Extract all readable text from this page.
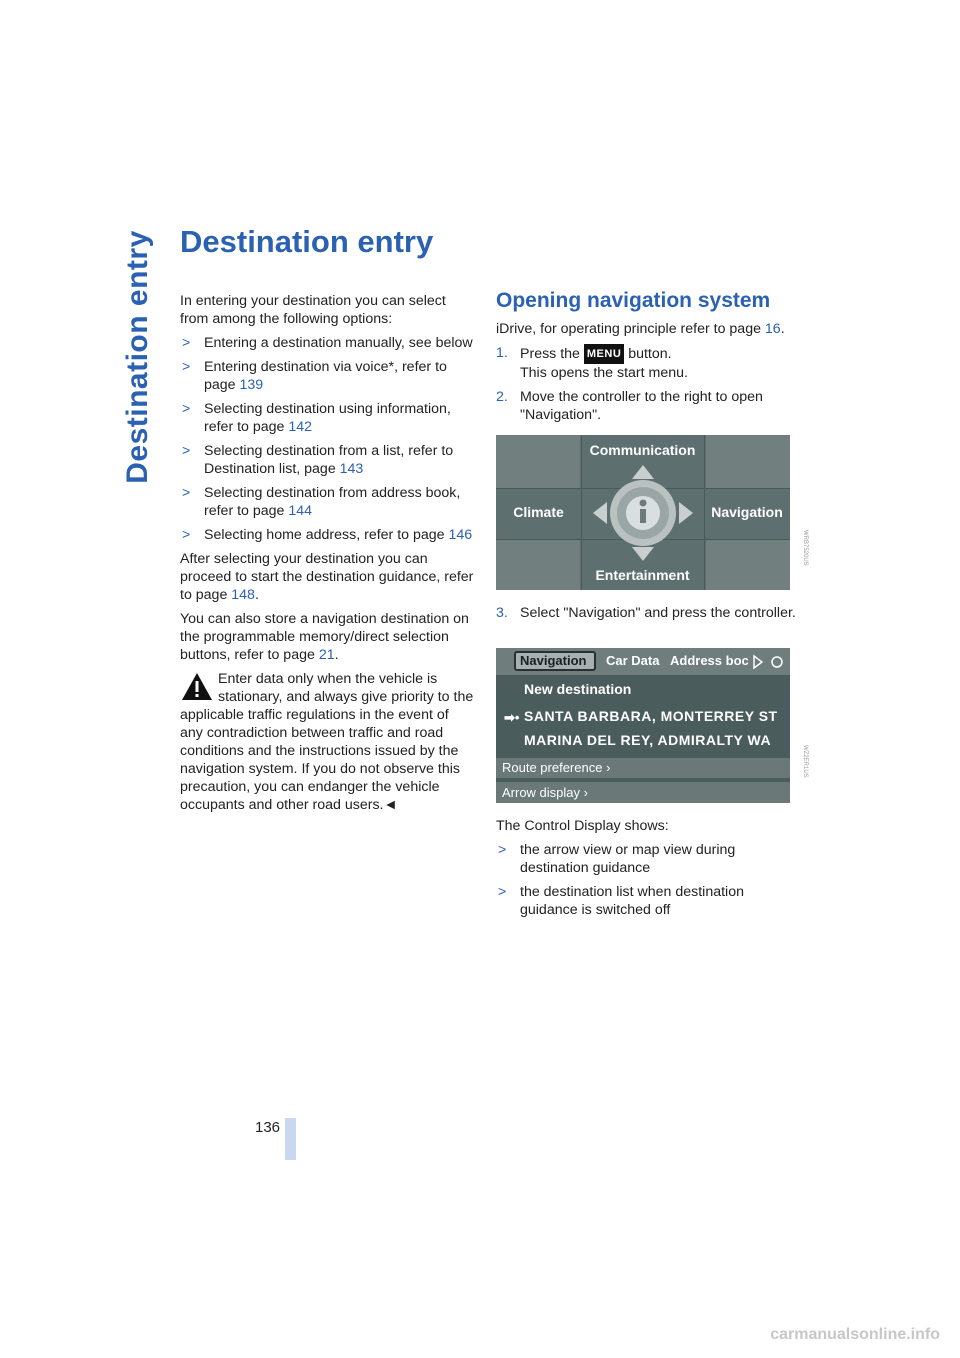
Destination entry Destination entry

In entering your destination you can select from among the following options:

> Entering a destination manually, see below
> Entering destination via voice*, refer to page 139
> Selecting destination using information, refer to page 142
> Selecting destination from a list, refer to Destination list, page 143
> Selecting destination from address book, refer to page 144
> Selecting home address, refer to page 146

After selecting your destination you can proceed to start the destination guidance, refer to page 148.

You can also store a navigation destination on the programmable memory/direct selection buttons, refer to page 21.

Enter data only when the vehicle is stationary, and always give priority to the applicable traffic regulations in the event of any contradiction between traffic and road conditions and the instructions issued by the navigation system. If you do not observe this precaution, you can endanger the vehicle occupants and other road users.◄

Opening navigation system

iDrive, for operating principle refer to page 16.

1. Press the MENU button.
This opens the start menu.
2. Move the controller to the right to open "Navigation".
Communication
Climate	Navigation
Entertainment
WRB7520US
3. Select "Navigation" and press the controller.
Navigation Car Data Address boc
New destination
➡• SANTA BARBARA, MONTERREY ST
MARINA DEL REY, ADMIRALTY WA
Route preference ›
Arrow display ›
WZ2ER1US

The Control Display shows:

> the arrow view or map view during destination guidance
> the destination list when destination guidance is switched off
136
carmanualsonline.info
